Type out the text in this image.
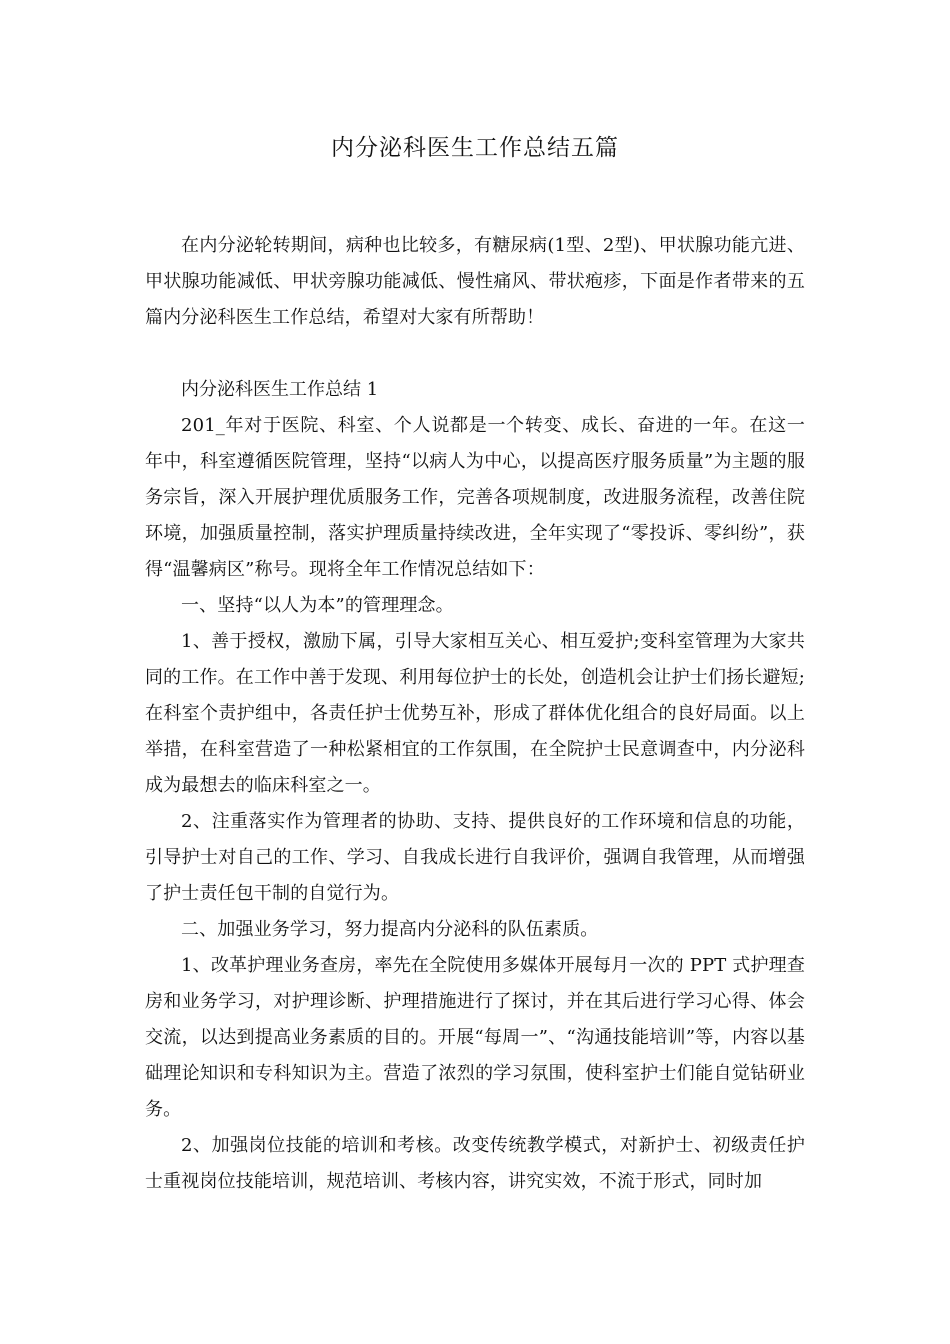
内分泌科医生工作总结五篇

在内分泌轮转期间，病种也比较多，有糖尿病(1型、2型)、甲状腺功能亢进、甲状腺功能减低、甲状旁腺功能减低、慢性痛风、带状疱疹，下面是作者带来的五篇内分泌科医生工作总结，希望对大家有所帮助！

内分泌科医生工作总结 1

201_年对于医院、科室、个人说都是一个转变、成长、奋进的一年。在这一年中，科室遵循医院管理，坚持“以病人为中心，以提高医疗服务质量”为主题的服务宗旨，深入开展护理优质服务工作，完善各项规制度，改进服务流程，改善住院环境，加强质量控制，落实护理质量持续改进，全年实现了“零投诉、零纠纷”，获得“温馨病区”称号。现将全年工作情况总结如下：

一、坚持“以人为本”的管理理念。

1、善于授权，激励下属，引导大家相互关心、相互爱护;变科室管理为大家共同的工作。在工作中善于发现、利用每位护士的长处，创造机会让护士们扬长避短;在科室个责护组中，各责任护士优势互补，形成了群体优化组合的良好局面。以上举措，在科室营造了一种松紧相宜的工作氛围，在全院护士民意调查中，内分泌科成为最想去的临床科室之一。

2、注重落实作为管理者的协助、支持、提供良好的工作环境和信息的功能，引导护士对自己的工作、学习、自我成长进行自我评价，强调自我管理，从而增强了护士责任包干制的自觉行为。

二、加强业务学习，努力提高内分泌科的队伍素质。

1、改革护理业务查房，率先在全院使用多媒体开展每月一次的 PPT 式护理查房和业务学习，对护理诊断、护理措施进行了探讨，并在其后进行学习心得、体会交流，以达到提高业务素质的目的。开展“每周一”、“沟通技能培训”等，内容以基础理论知识和专科知识为主。营造了浓烈的学习氛围，使科室护士们能自觉钻研业务。

2、加强岗位技能的培训和考核。改变传统教学模式，对新护士、初级责任护士重视岗位技能培训，规范培训、考核内容，讲究实效，不流于形式，同时加
